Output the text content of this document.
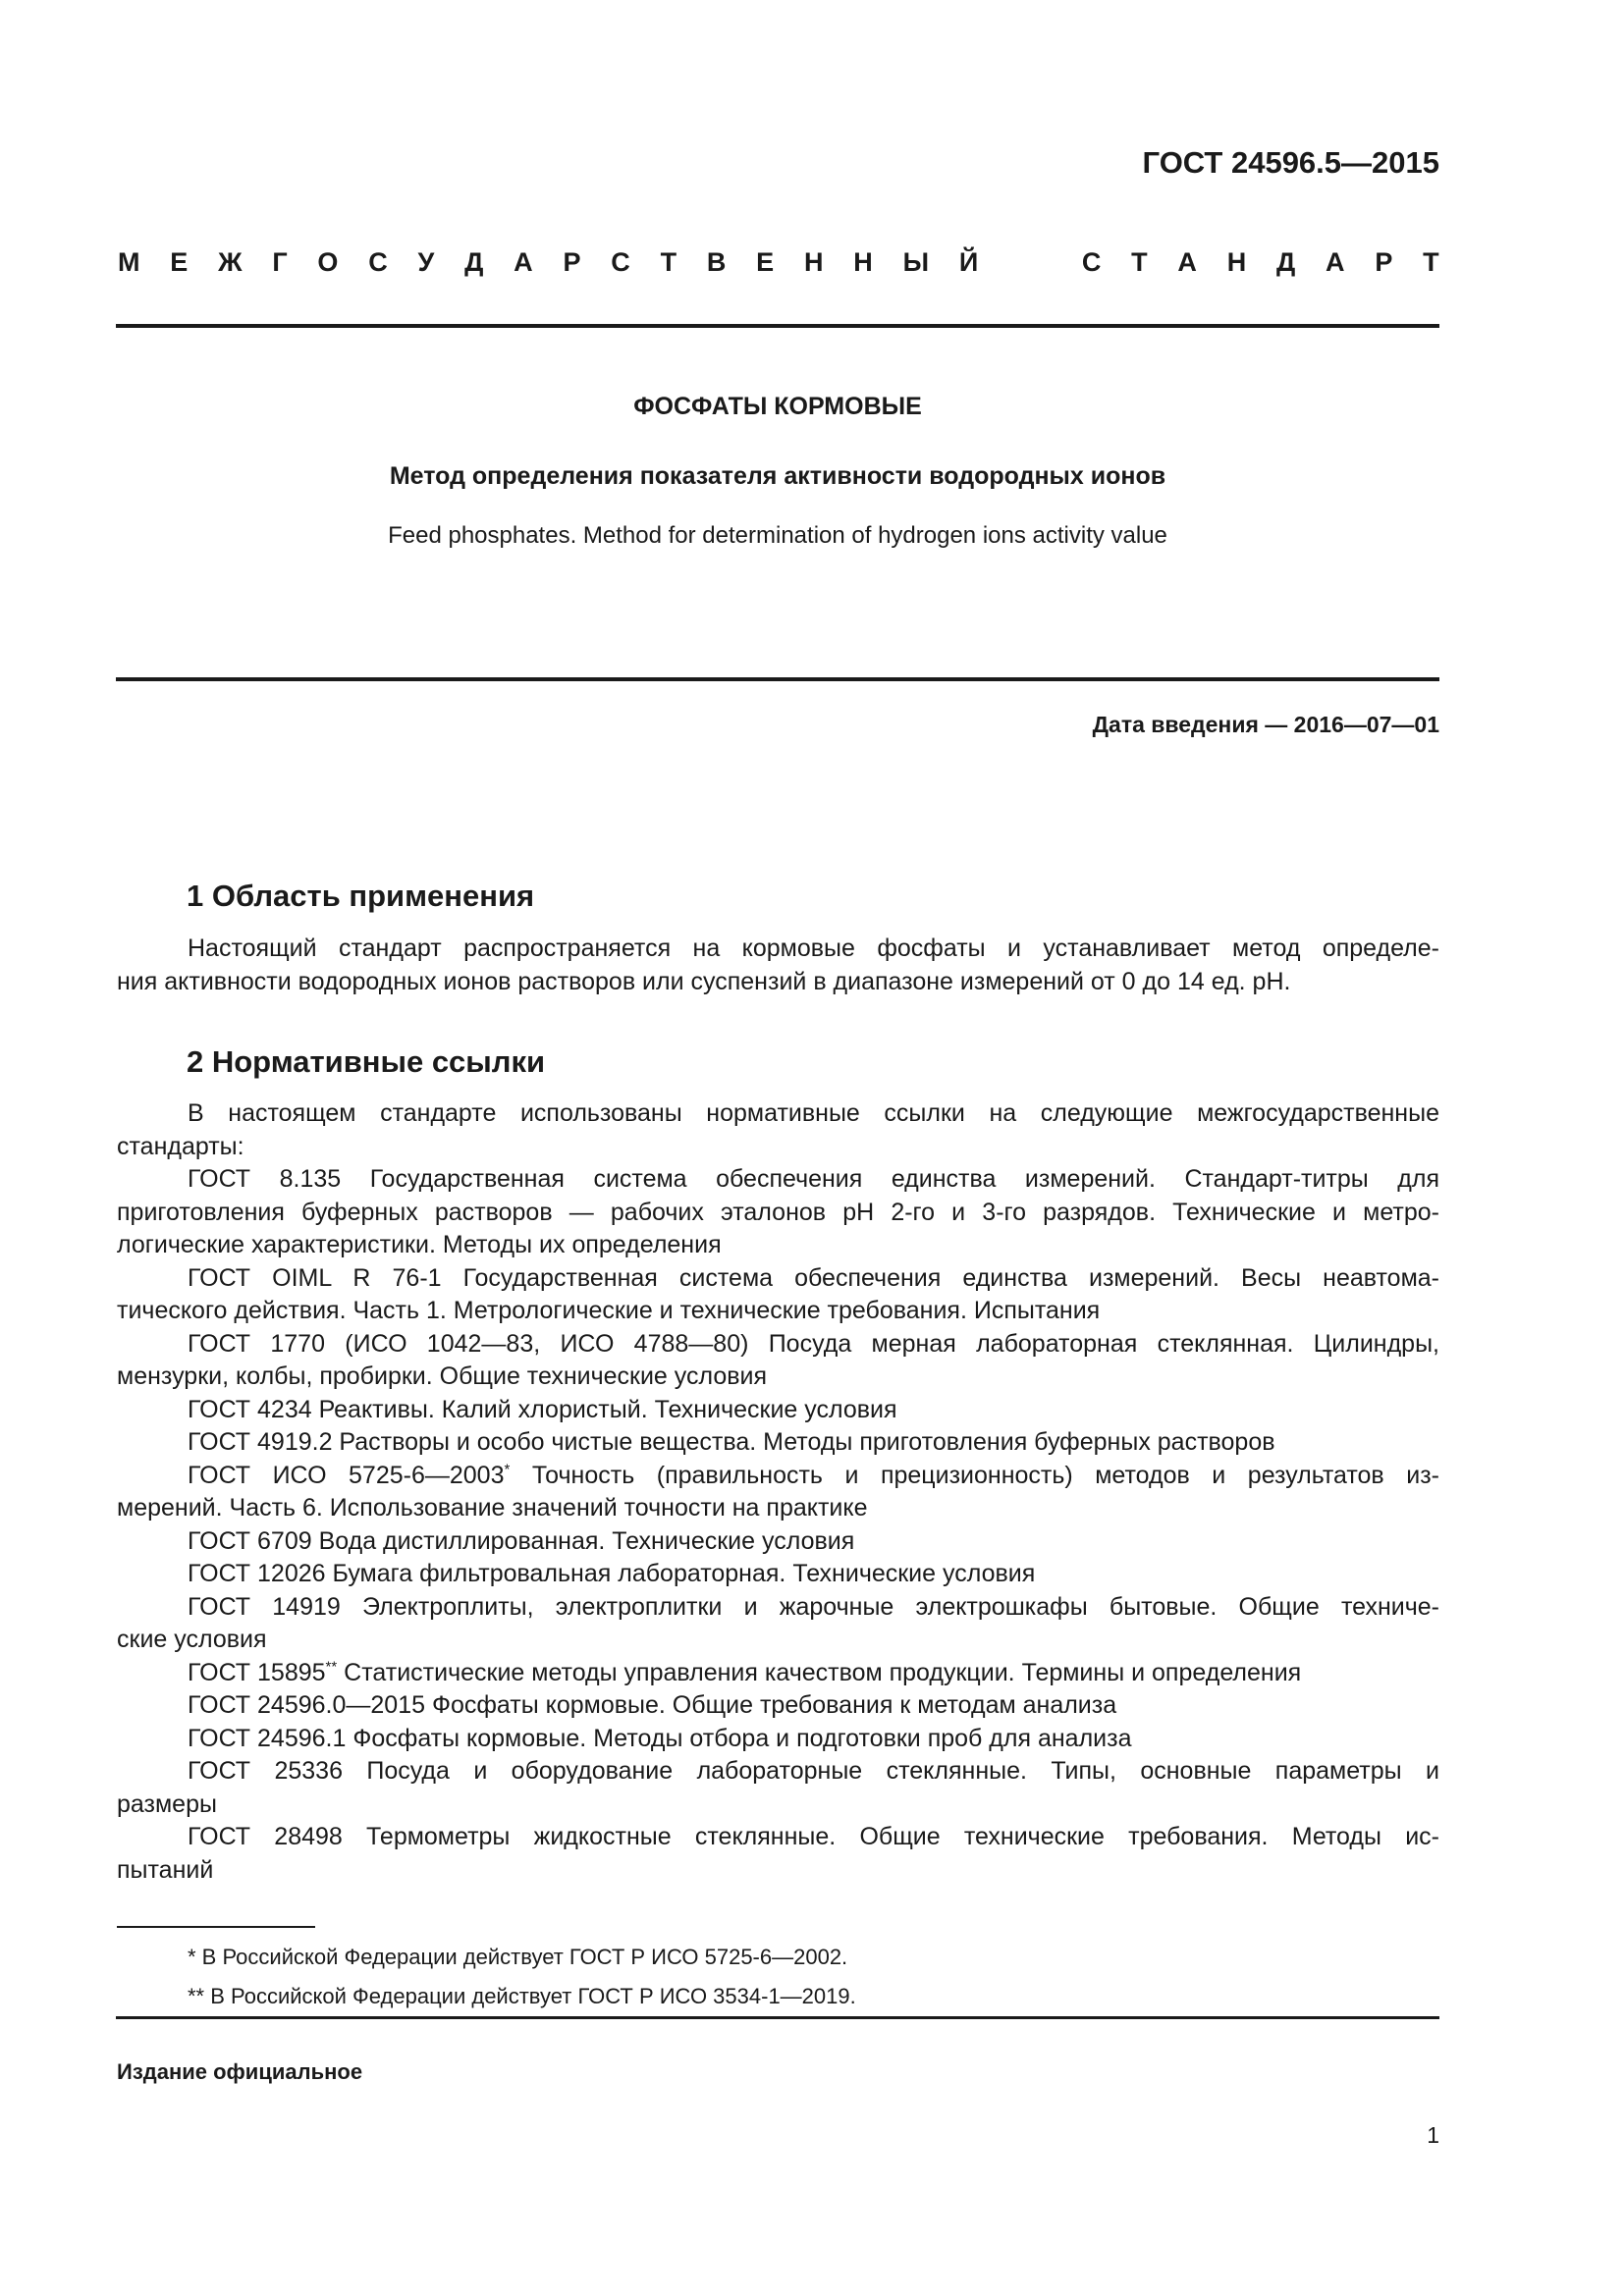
ГОСТ 24596.5—2015
М Е Ж Г О С У Д А Р С Т В Е Н Н Ы Й	С Т А Н Д А Р Т
ФОСФАТЫ КОРМОВЫЕ
Метод определения показателя активности водородных ионов
Feed phosphates. Method for determination of hydrogen ions activity value
Дата введения — 2016—07—01
1 Область применения
Настоящий стандарт распространяется на кормовые фосфаты и устанавливает метод определе-
ния активности водородных ионов растворов или суспензий в диапазоне измерений от 0 до 14 ед. pH.
2 Нормативные ссылки
В настоящем стандарте использованы нормативные ссылки на следующие межгосударственные
стандарты:
ГОСТ 8.135 Государственная система обеспечения единства измерений. Стандарт-титры для
приготовления буферных растворов — рабочих эталонов pH 2-го и 3-го разрядов. Технические и метро-
логические характеристики. Методы их определения
ГОСТ OIML R 76-1 Государственная система обеспечения единства измерений. Весы неавтома-
тического действия. Часть 1. Метрологические и технические требования. Испытания
ГОСТ 1770 (ИСО 1042—83, ИСО 4788—80) Посуда мерная лабораторная стеклянная. Цилиндры,
мензурки, колбы, пробирки. Общие технические условия
ГОСТ 4234 Реактивы. Калий хлористый. Технические условия
ГОСТ 4919.2 Растворы и особо чистые вещества. Методы приготовления буферных растворов
ГОСТ ИСО 5725-6—2003* Точность (правильность и прецизионность) методов и результатов из-
мерений. Часть 6. Использование значений точности на практике
ГОСТ 6709 Вода дистиллированная. Технические условия
ГОСТ 12026 Бумага фильтровальная лабораторная. Технические условия
ГОСТ 14919 Электроплиты, электроплитки и жарочные электрошкафы бытовые. Общие техниче-
ские условия
ГОСТ 15895** Статистические методы управления качеством продукции. Термины и определения
ГОСТ 24596.0—2015 Фосфаты кормовые. Общие требования к методам анализа
ГОСТ 24596.1 Фосфаты кормовые. Методы отбора и подготовки проб для анализа
ГОСТ 25336 Посуда и оборудование лабораторные стеклянные. Типы, основные параметры и
размеры
ГОСТ 28498 Термометры жидкостные стеклянные. Общие технические требования. Методы ис-
пытаний
* В Российской Федерации действует ГОСТ Р ИСО 5725-6—2002.
** В Российской Федерации действует ГОСТ Р ИСО 3534-1—2019.
Издание официальное
1
